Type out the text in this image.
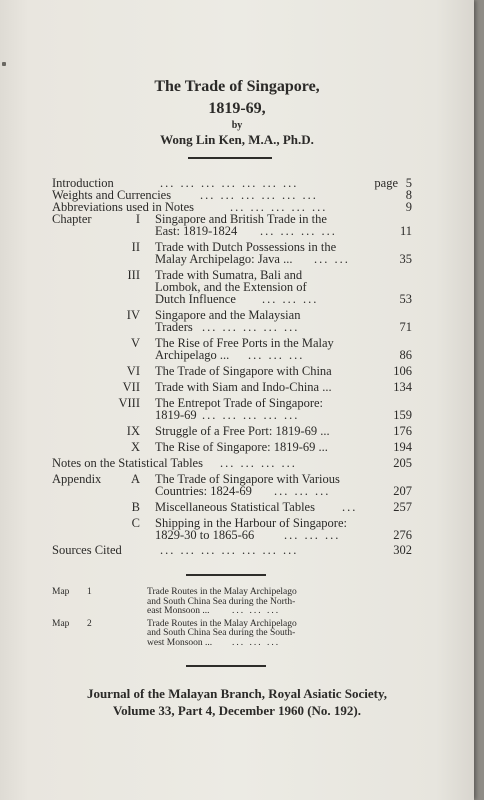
The Trade of Singapore,
1819-69,
by
Wong Lin Ken, M.A., Ph.D.
Introduction	... ... ... ... ... ... ...	page 5
Weights and Currencies ... ... ... ... ... ...	8
Abbreviations used in Notes	... ... ... ... ...	9
Chapter	I Singapore and British Trade in the
East: 1819-1824 ... ... ... ...	11
II Trade with Dutch Possessions in the
Malay Archipelago: Java ... ... ...	35
III Trade with Sumatra, Bali and
Lombok, and the Extension of
Dutch Influence ... ... ...	53
IV Singapore and the Malaysian
Traders ... ... ... ... ...	71
V The Rise of Free Ports in the Malay
Archipelago ... ... ... ...	86
VI The Trade of Singapore with China	106
VII Trade with Siam and Indo-China ...	134
VIII The Entrepot Trade of Singapore:
1819-69 ... ... ... ... ...	159
IX Struggle of a Free Port: 1819-69 ...	176
X The Rise of Singapore: 1819-69 ...	194
Notes on the Statistical Tables ... ... ... ...	205
Appendix A The Trade of Singapore with Various
Countries: 1824-69 ... ... ...	207
B Miscellaneous Statistical Tables ...	257
C Shipping in the Harbour of Singapore:
1829-30 to 1865-66 ... ... ...	276
Sources Cited	... ... ... ... ... ... ...	302
Map 1	Trade Routes in the Malay Archipelago
and South China Sea during the North-
east Monsoon ... ... ... ...
Map 2	Trade Routes in the Malay Archipelago
and South China Sea during the South-
west Monsoon ... ... ... ...
Journal of the Malayan Branch, Royal Asiatic Society,
Volume 33, Part 4, December 1960 (No. 192).
